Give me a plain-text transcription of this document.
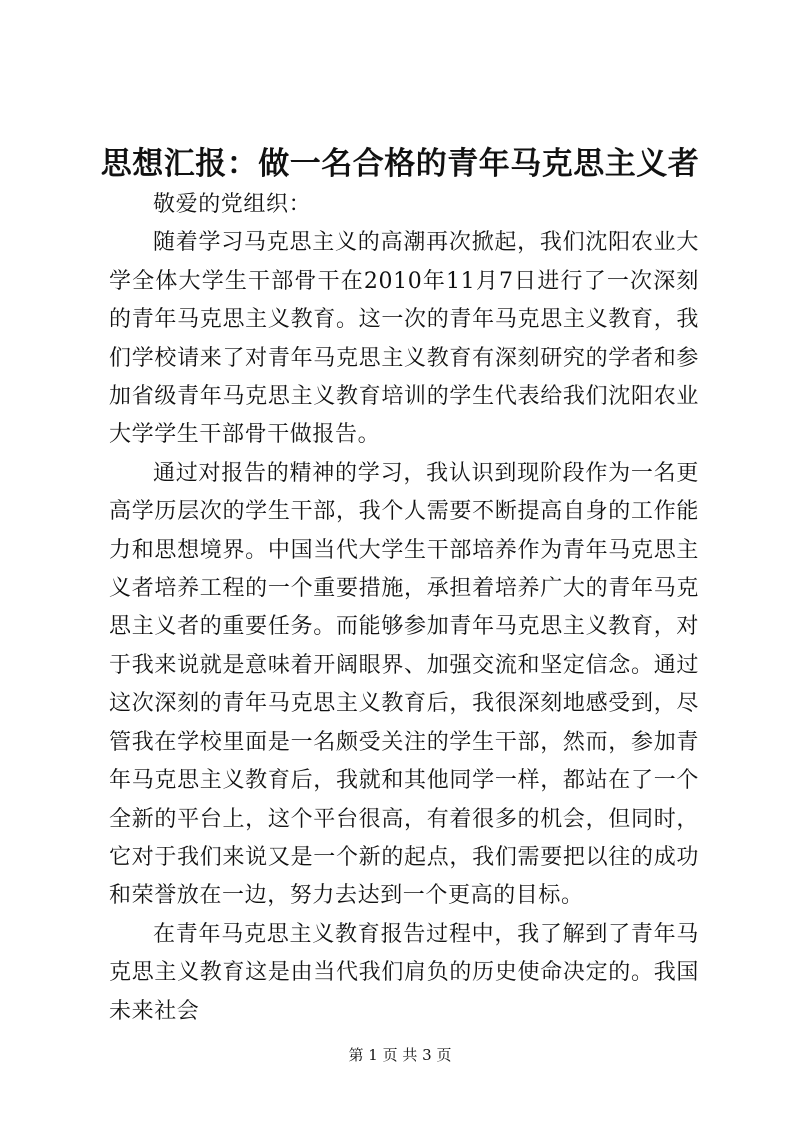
思想汇报：做一名合格的青年马克思主义者

敬爱的党组织：

随着学习马克思主义的高潮再次掀起，我们沈阳农业大学全体大学生干部骨干在2010年11月7日进行了一次深刻的青年马克思主义教育。这一次的青年马克思主义教育，我们学校请来了对青年马克思主义教育有深刻研究的学者和参加省级青年马克思主义教育培训的学生代表给我们沈阳农业大学学生干部骨干做报告。

通过对报告的精神的学习，我认识到现阶段作为一名更高学历层次的学生干部，我个人需要不断提高自身的工作能力和思想境界。中国当代大学生干部培养作为青年马克思主义者培养工程的一个重要措施，承担着培养广大的青年马克思主义者的重要任务。而能够参加青年马克思主义教育，对于我来说就是意味着开阔眼界、加强交流和坚定信念。通过这次深刻的青年马克思主义教育后，我很深刻地感受到，尽管我在学校里面是一名颇受关注的学生干部，然而，参加青年马克思主义教育后，我就和其他同学一样，都站在了一个全新的平台上，这个平台很高，有着很多的机会，但同时，它对于我们来说又是一个新的起点，我们需要把以往的成功和荣誉放在一边，努力去达到一个更高的目标。

在青年马克思主义教育报告过程中，我了解到了青年马克思主义教育这是由当代我们肩负的历史使命决定的。我国未来社会

第 1 页 共 3 页
